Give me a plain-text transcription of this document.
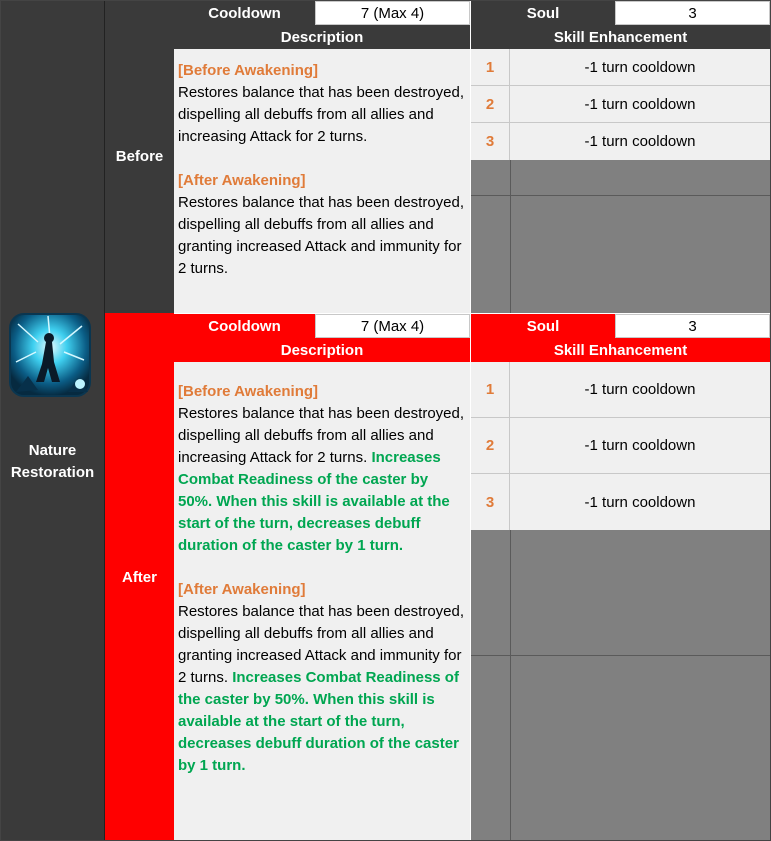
Nature
Restoration
Before
Cooldown	7 (Max 4)	Soul	3
Description	Skill Enhancement
[Before Awakening]
Restores balance that has been destroyed, dispelling all debuffs from all allies and increasing Attack for 2 turns.
[After Awakening]
Restores balance that has been destroyed, dispelling all debuffs from all allies and granting increased Attack and immunity for 2 turns.
1	-1 turn cooldown
2	-1 turn cooldown
3	-1 turn cooldown
After
Cooldown	7 (Max 4)	Soul	3
Description	Skill Enhancement
[Before Awakening]
Restores balance that has been destroyed, dispelling all debuffs from all allies and increasing Attack for 2 turns. Increases Combat Readiness of the caster by 50%. When this skill is available at the start of the turn, decreases debuff duration of the caster by 1 turn.
[After Awakening]
Restores balance that has been destroyed, dispelling all debuffs from all allies and granting increased Attack and immunity for 2 turns. Increases Combat Readiness of the caster by 50%. When this skill is available at the start of the turn, decreases debuff duration of the caster by 1 turn.
1	-1 turn cooldown
2	-1 turn cooldown
3	-1 turn cooldown
